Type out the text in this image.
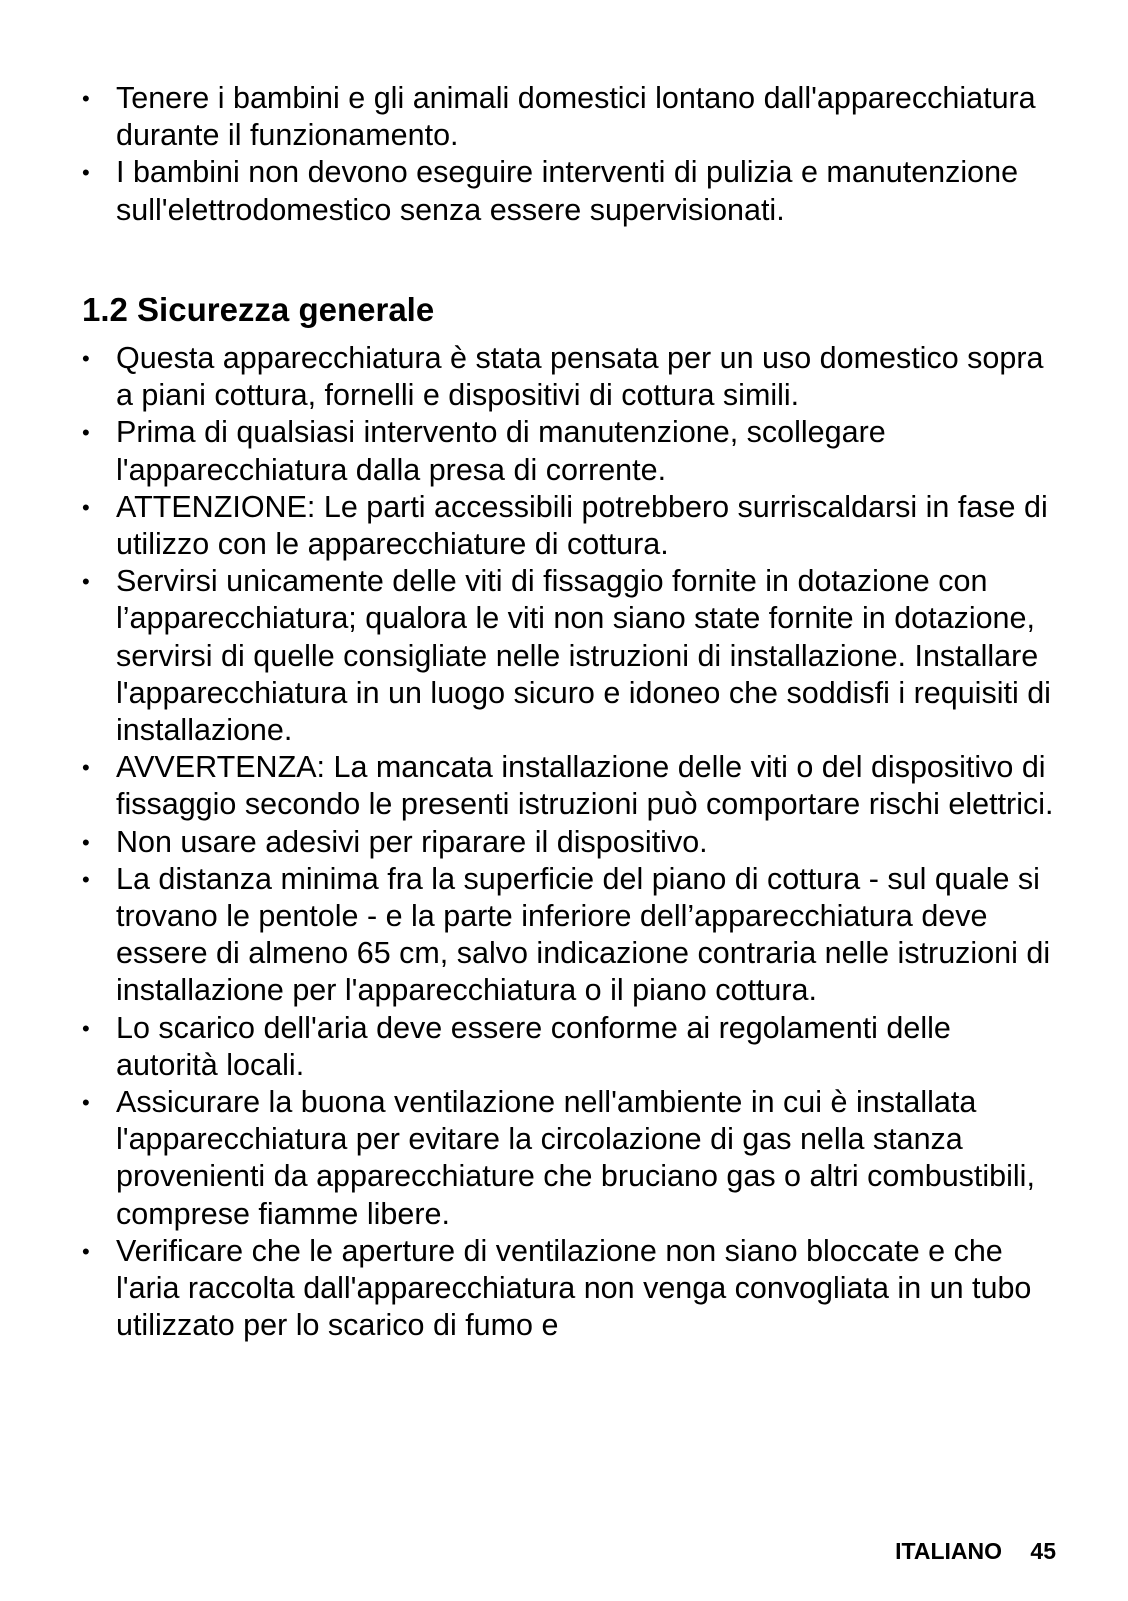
• Tenere i bambini e gli animali domestici lontano dall'apparecchiatura durante il funzionamento.
• I bambini non devono eseguire interventi di pulizia e manutenzione sull'elettrodomestico senza essere supervisionati.
1.2 Sicurezza generale
• Questa apparecchiatura è stata pensata per un uso domestico sopra a piani cottura, fornelli e dispositivi di cottura simili.
• Prima di qualsiasi intervento di manutenzione, scollegare l'apparecchiatura dalla presa di corrente.
• ATTENZIONE: Le parti accessibili potrebbero surriscaldarsi in fase di utilizzo con le apparecchiature di cottura.
• Servirsi unicamente delle viti di fissaggio fornite in dotazione con l’apparecchiatura; qualora le viti non siano state fornite in dotazione, servirsi di quelle consigliate nelle istruzioni di installazione. Installare l'apparecchiatura in un luogo sicuro e idoneo che soddisfi i requisiti di installazione.
• AVVERTENZA: La mancata installazione delle viti o del dispositivo di fissaggio secondo le presenti istruzioni può comportare rischi elettrici.
• Non usare adesivi per riparare il dispositivo.
• La distanza minima fra la superficie del piano di cottura - sul quale si trovano le pentole - e la parte inferiore dell’apparecchiatura deve essere di almeno 65 cm, salvo indicazione contraria nelle istruzioni di installazione per l'apparecchiatura o il piano cottura.
• Lo scarico dell'aria deve essere conforme ai regolamenti delle autorità locali.
• Assicurare la buona ventilazione nell'ambiente in cui è installata l'apparecchiatura per evitare la circolazione di gas nella stanza provenienti da apparecchiature che bruciano gas o altri combustibili, comprese fiamme libere.
• Verificare che le aperture di ventilazione non siano bloccate e che l'aria raccolta dall'apparecchiatura non venga convogliata in un tubo utilizzato per lo scarico di fumo e
ITALIANO 45
